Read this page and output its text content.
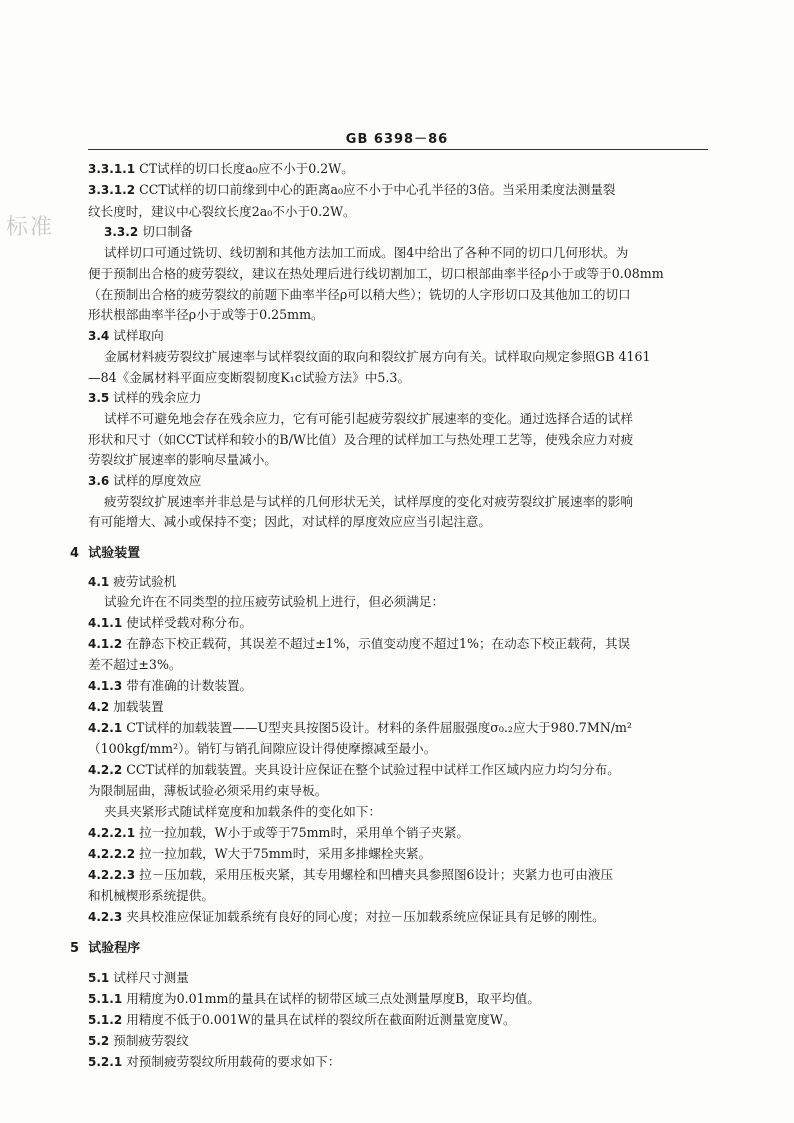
GB 6398－86
标准
3.3.1.1 CT试样的切口长度a₀应不小于0.2W。
3.3.1.2 CCT试样的切口前缘到中心的距离a₀应不小于中心孔半径的3倍。当采用柔度法测量裂
纹长度时，建议中心裂纹长度2a₀不小于0.2W。
3.3.2 切口制备
试样切口可通过铣切、线切割和其他方法加工而成。图4中给出了各种不同的切口几何形状。为
便于预制出合格的疲劳裂纹，建议在热处理后进行线切割加工，切口根部曲率半径ρ小于或等于0.08mm
（在预制出合格的疲劳裂纹的前题下曲率半径ρ可以稍大些）；铣切的人字形切口及其他加工的切口
形状根部曲率半径ρ小于或等于0.25mm。
3.4 试样取向
金属材料疲劳裂纹扩展速率与试样裂纹面的取向和裂纹扩展方向有关。试样取向规定参照GB 4161
—84《金属材料平面应变断裂韧度K₁c试验方法》中5.3。
3.5 试样的残余应力
试样不可避免地会存在残余应力，它有可能引起疲劳裂纹扩展速率的变化。通过选择合适的试样
形状和尺寸（如CCT试样和较小的B/W比值）及合理的试样加工与热处理工艺等，使残余应力对疲
劳裂纹扩展速率的影响尽量减小。
3.6 试样的厚度效应
疲劳裂纹扩展速率并非总是与试样的几何形状无关，试样厚度的变化对疲劳裂纹扩展速率的影响
有可能增大、减小或保持不变；因此，对试样的厚度效应应当引起注意。
4 试验装置
4.1 疲劳试验机
试验允许在不同类型的拉压疲劳试验机上进行，但必须满足：
4.1.1 使试样受载对称分布。
4.1.2 在静态下校正载荷，其误差不超过±1%，示值变动度不超过1%；在动态下校正载荷，其误
差不超过±3%。
4.1.3 带有准确的计数装置。
4.2 加载装置
4.2.1 CT试样的加载装置——U型夹具按图5设计。材料的条件屈服强度σ₀.₂应大于980.7MN/m²
（100kgf/mm²）。销钉与销孔间隙应设计得使摩擦减至最小。
4.2.2 CCT试样的加载装置。夹具设计应保证在整个试验过程中试样工作区域内应力均匀分布。
为限制屈曲，薄板试验必须采用约束导板。
夹具夹紧形式随试样宽度和加载条件的变化如下：
4.2.2.1 拉一拉加载，W小于或等于75mm时，采用单个销子夹紧。
4.2.2.2 拉一拉加载，W大于75mm时，采用多排螺栓夹紧。
4.2.2.3 拉－压加载，采用压板夹紧，其专用螺栓和凹槽夹具参照图6设计；夹紧力也可由液压
和机械楔形系统提供。
4.2.3 夹具校准应保证加载系统有良好的同心度；对拉－压加载系统应保证具有足够的刚性。
5 试验程序
5.1 试样尺寸测量
5.1.1 用精度为0.01mm的量具在试样的韧带区域三点处测量厚度B，取平均值。
5.1.2 用精度不低于0.001W的量具在试样的裂纹所在截面附近测量宽度W。
5.2 预制疲劳裂纹
5.2.1 对预制疲劳裂纹所用载荷的要求如下：
